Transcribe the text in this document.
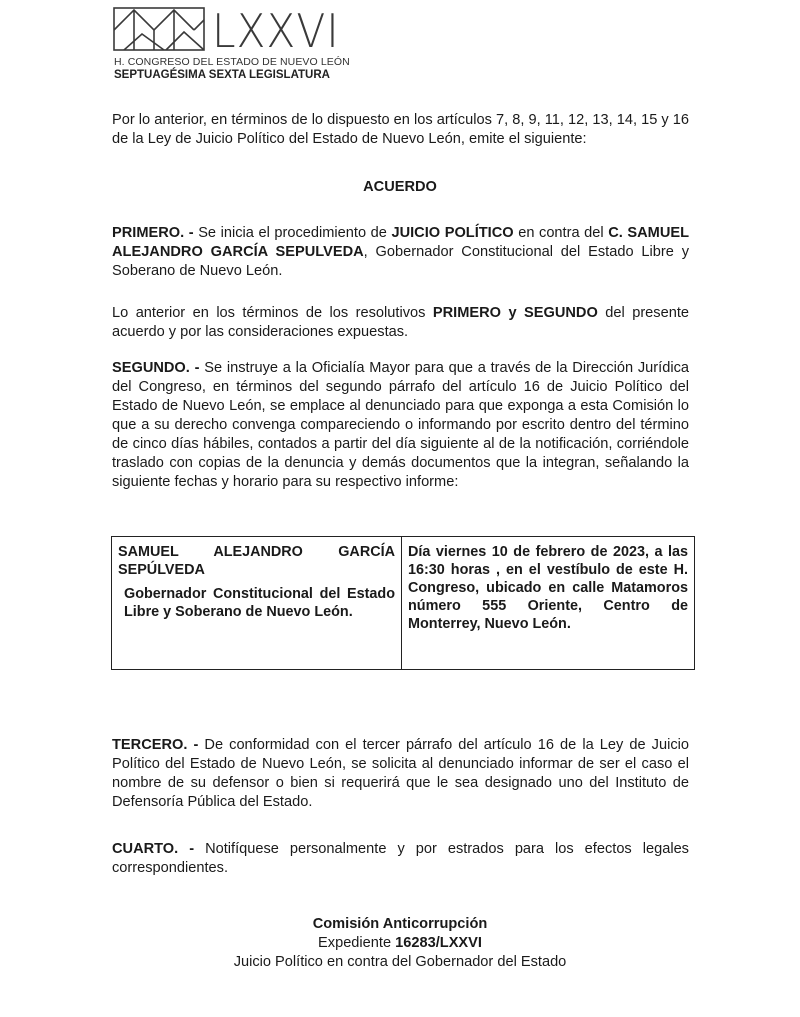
LXXVI
H. CONGRESO DEL ESTADO DE NUEVO LEÓN
SEPTUAGÉSIMA SEXTA LEGISLATURA

Por lo anterior, en términos de lo dispuesto en los artículos 7, 8, 9, 11, 12, 13, 14, 15 y 16 de la Ley de Juicio Político del Estado de Nuevo León, emite el siguiente:

ACUERDO

PRIMERO. - Se inicia el procedimiento de JUICIO POLÍTICO en contra del C. SAMUEL ALEJANDRO GARCÍA SEPULVEDA, Gobernador Constitucional del Estado Libre y Soberano de Nuevo León.

Lo anterior en los términos de los resolutivos PRIMERO y SEGUNDO del presente acuerdo y por las consideraciones expuestas.

SEGUNDO. - Se instruye a la Oficialía Mayor para que a través de la Dirección Jurídica del Congreso, en términos del segundo párrafo del artículo 16 de Juicio Político del Estado de Nuevo León, se emplace al denunciado para que exponga a esta Comisión lo que a su derecho convenga compareciendo o informando por escrito dentro del término de cinco días hábiles, contados a partir del día siguiente al de la notificación, corriéndole traslado con copias de la denuncia y demás documentos que la integran, señalando la siguiente fechas y horario para su respectivo informe:

SAMUEL ALEJANDRO GARCÍA SEPÚLVEDA
Gobernador Constitucional del Estado Libre y Soberano de Nuevo León.
	Día viernes 10 de febrero de 2023, a las 16:30 horas , en el vestíbulo de este H. Congreso, ubicado en calle Matamoros número 555 Oriente, Centro de Monterrey, Nuevo León.

TERCERO. - De conformidad con el tercer párrafo del artículo 16 de la Ley de Juicio Político del Estado de Nuevo León, se solicita al denunciado informar de ser el caso el nombre de su defensor o bien si requerirá que le sea designado uno del Instituto de Defensoría Pública del Estado.

CUARTO. - Notifíquese personalmente y por estrados para los efectos legales correspondientes.

Comisión Anticorrupción
Expediente 16283/LXXVI
Juicio Político en contra del Gobernador del Estado
